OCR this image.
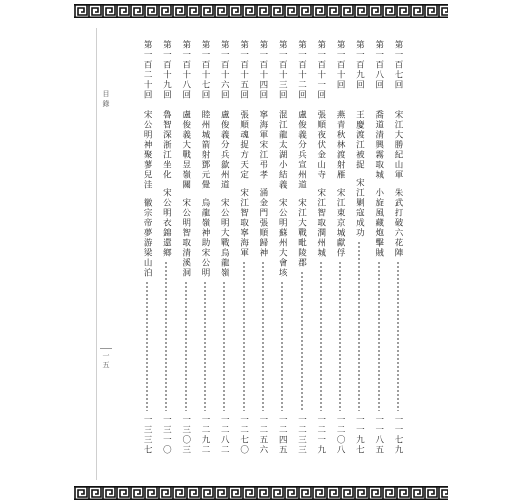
目錄
一五
第一百七回
宋江大勝紀山軍
朱武打破六花陣
一一七九
第一百八回
喬道清興霧取城
小旋風藏炮擊賊
一一八五
第一百九回
王慶渡江被捉
宋江剿寇成功
一一九七
第一百十回
燕青秋林渡射雁
宋江東京城獻俘
一二〇八
第一百十一回
張順夜伏金山寺
宋江智取潤州城
一二一九
第一百十二回
盧俊義分兵宣州道
宋江大戰毗陵郡
一二三三
第一百十三回
混江龍太湖小結義
宋公明蘇州大會垓
一二四五
第一百十四回
寧海軍宋江弔孝
涌金門張順歸神
一二五六
第一百十五回
張順魂捉方天定
宋江智取寧海軍
一二七〇
第一百十六回
盧俊義分兵歙州道
宋公明大戰烏龍嶺
一二八二
第一百十七回
睦州城箭射鄧元覺
烏龍嶺神助宋公明
一二九二
第一百十八回
盧俊義大戰昱嶺關
宋公明智取清溪洞
一三〇三
第一百十九回
魯智深浙江坐化
宋公明衣錦還鄉
一三一〇
第一百二十回
宋公明神聚蓼兒洼
徽宗帝夢游梁山泊
一三三七
